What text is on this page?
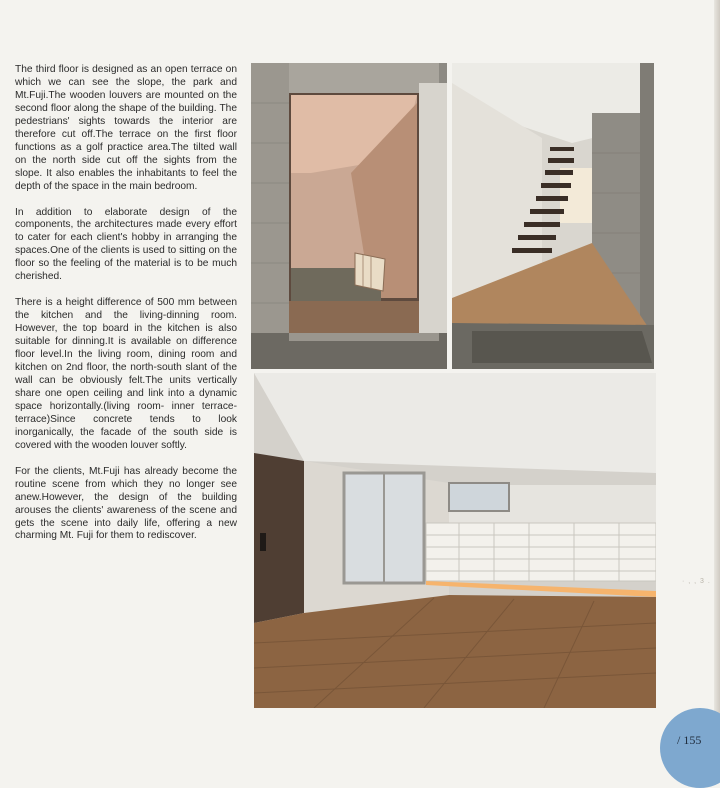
The third floor is designed as an open terrace on which we can see the slope, the park and Mt.Fuji.The wooden louvers are mounted on the second floor along the shape of the building. The pedestrians' sights towards the interior are therefore cut off.The terrace on the first floor functions as a golf practice area.The tilted wall on the north side cut off the sights from the slope. It also enables the inhabitants to feel the depth of the space in the main bedroom.

In addition to elaborate design of the components, the architectures made every effort to cater for each client's hobby in arranging the spaces.One of the clients is used to sitting on the floor so the feeling of the material is to be much cherished.

There is a height difference of 500 mm between the kitchen and the living-dinning room. However, the top board in the kitchen is also suitable for dinning.It is available on difference floor level.In the living room, dining room and kitchen on 2nd floor, the north-south slant of the wall can be obviously felt.The units vertically share one open ceiling and link into a dynamic space horizontally.(living room- inner terrace- terrace)Since concrete tends to look inorganically, the facade of the south side is covered with the wooden louver softly.

For the clients, Mt.Fuji has already become the routine scene from which they no longer see anew.However, the design of the building arouses the clients' awareness of the scene and gets the scene into daily life, offering a new charming Mt. Fuji for them to rediscover.

· , , 3 .
/ 155
